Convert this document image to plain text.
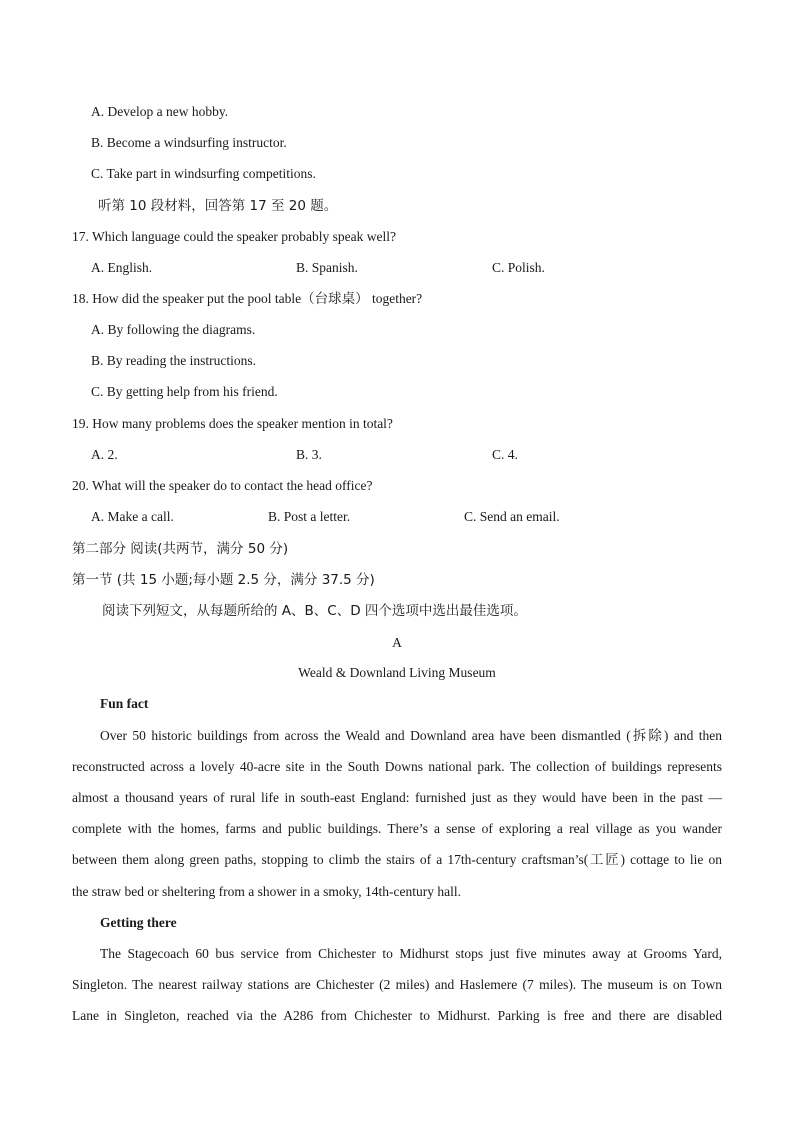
A. Develop a new hobby.
B. Become a windsurfing instructor.
C. Take part in windsurfing competitions.
听第 10 段材料，回答第 17 至 20 题。
17. Which language could the speaker probably speak well?
A. English.	B. Spanish.	C. Polish.
18. How did the speaker put the pool table（台球桌） together?
A. By following the diagrams.
B. By reading the instructions.
C. By getting help from his friend.
19. How many problems does the speaker mention in total?
A. 2.	B. 3.	C. 4.
20. What will the speaker do to contact the head office?
A. Make a call.	B. Post a letter.	C. Send an email.
第二部分 阅读(共两节，满分 50 分)
第一节 (共 15 小题;每小题 2.5 分，满分 37.5 分)
阅读下列短文，从每题所给的 A、B、C、D 四个选项中选出最佳选项。
A
Weald & Downland Living Museum
Fun fact
Over 50 historic buildings from across the Weald and Downland area have been dismantled (拆除) and then
reconstructed across a lovely 40-acre site in the South Downs national park. The collection of buildings represents
almost a thousand years of rural life in south-east England: furnished just as they would have been in the past —
complete with the homes, farms and public buildings. There’s a sense of exploring a real village as you wander
between them along green paths, stopping to climb the stairs of a 17th-century craftsman’s(工匠) cottage to lie on
the straw bed or sheltering from a shower in a smoky, 14th-century hall.
Getting there
The Stagecoach 60 bus service from Chichester to Midhurst stops just five minutes away at Grooms Yard,
Singleton. The nearest railway stations are Chichester (2 miles) and Haslemere (7 miles). The museum is on Town
Lane in Singleton, reached via the A286 from Chichester to Midhurst. Parking is free and there are disabled
